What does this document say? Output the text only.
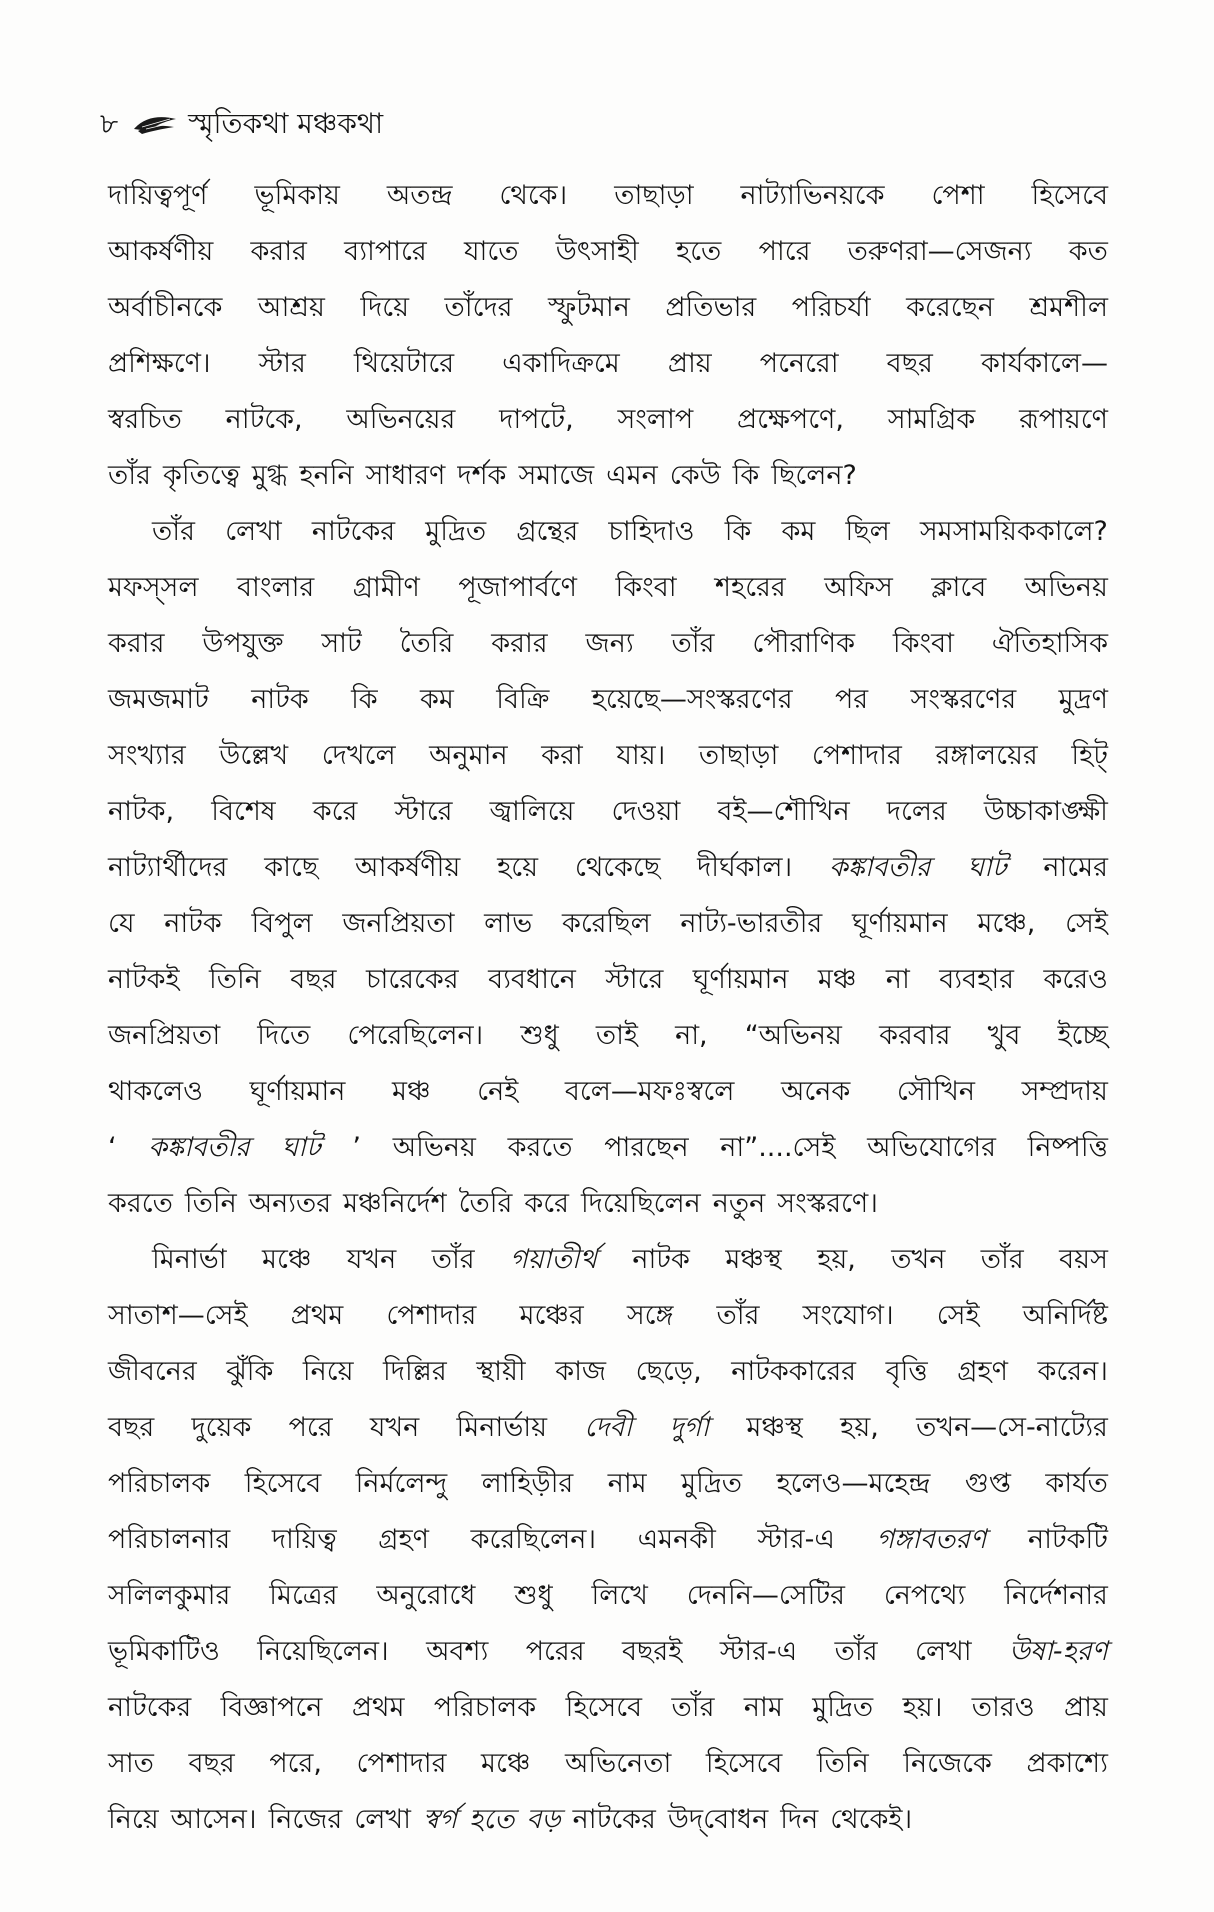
৮	স্মৃতিকথা মঞ্চকথা
দায়িত্বপূর্ণ ভূমিকায় অতন্দ্র থেকে। তাছাড়া নাট্যাভিনয়কে পেশা হিসেবে
আকর্ষণীয় করার ব্যাপারে যাতে উৎসাহী হতে পারে তরুণরা—সেজন্য কত
অর্বাচীনকে আশ্রয় দিয়ে তাঁদের স্ফুটমান প্রতিভার পরিচর্যা করেছেন শ্রমশীল
প্রশিক্ষণে। স্টার থিয়েটারে একাদিক্রমে প্রায় পনেরো বছর কার্যকালে—
স্বরচিত নাটকে, অভিনয়ের দাপটে, সংলাপ প্রক্ষেপণে, সামগ্রিক রূপায়ণে
তাঁর কৃতিত্বে মুগ্ধ হননি সাধারণ দর্শক সমাজে এমন কেউ কি ছিলেন?
তাঁর লেখা নাটকের মুদ্রিত গ্রন্থের চাহিদাও কি কম ছিল সমসাময়িককালে?
মফস্সল বাংলার গ্রামীণ পূজাপার্বণে কিংবা শহরের অফিস ক্লাবে অভিনয়
করার উপযুক্ত সাট তৈরি করার জন্য তাঁর পৌরাণিক কিংবা ঐতিহাসিক
জমজমাট নাটক কি কম বিক্রি হয়েছে—সংস্করণের পর সংস্করণের মুদ্রণ
সংখ্যার উল্লেখ দেখলে অনুমান করা যায়। তাছাড়া পেশাদার রঙ্গালয়ের হিট্
নাটক, বিশেষ করে স্টারে জ্বালিয়ে দেওয়া বই—শৌখিন দলের উচ্চাকাঙ্ক্ষী
নাট্যার্থীদের কাছে আকর্ষণীয় হয়ে থেকেছে দীর্ঘকাল। কঙ্কাবতীর ঘাট নামের
যে নাটক বিপুল জনপ্রিয়তা লাভ করেছিল নাট্য-ভারতীর ঘূর্ণায়মান মঞ্চে, সেই
নাটকই তিনি বছর চারেকের ব্যবধানে স্টারে ঘূর্ণায়মান মঞ্চ না ব্যবহার করেও
জনপ্রিয়তা দিতে পেরেছিলেন। শুধু তাই না, “অভিনয় করবার খুব ইচ্ছে
থাকলেও ঘূর্ণায়মান মঞ্চ নেই বলে—মফঃস্বলে অনেক সৌখিন সম্প্রদায়
‘ কঙ্কাবতীর ঘাট ’ অভিনয় করতে পারছেন না”....সেই অভিযোগের নিষ্পত্তি
করতে তিনি অন্যতর মঞ্চনির্দেশ তৈরি করে দিয়েছিলেন নতুন সংস্করণে।
মিনার্ভা মঞ্চে যখন তাঁর গয়াতীর্থ নাটক মঞ্চস্থ হয়, তখন তাঁর বয়স
সাতাশ—সেই প্রথম পেশাদার মঞ্চের সঙ্গে তাঁর সংযোগ। সেই অনির্দিষ্ট
জীবনের ঝুঁকি নিয়ে দিল্লির স্থায়ী কাজ ছেড়ে, নাটককারের বৃত্তি গ্রহণ করেন।
বছর দুয়েক পরে যখন মিনার্ভায় দেবী দুর্গা মঞ্চস্থ হয়, তখন—সে-নাট্যের
পরিচালক হিসেবে নির্মলেন্দু লাহিড়ীর নাম মুদ্রিত হলেও—মহেন্দ্র গুপ্ত কার্যত
পরিচালনার দায়িত্ব গ্রহণ করেছিলেন। এমনকী স্টার-এ গঙ্গাবতরণ নাটকটি
সলিলকুমার মিত্রের অনুরোধে শুধু লিখে দেননি—সেটির নেপথ্যে নির্দেশনার
ভূমিকাটিও নিয়েছিলেন। অবশ্য পরের বছরই স্টার-এ তাঁর লেখা উষা-হরণ
নাটকের বিজ্ঞাপনে প্রথম পরিচালক হিসেবে তাঁর নাম মুদ্রিত হয়। তারও প্রায়
সাত বছর পরে, পেশাদার মঞ্চে অভিনেতা হিসেবে তিনি নিজেকে প্রকাশ্যে
নিয়ে আসেন। নিজের লেখা স্বর্গ হতে বড় নাটকের উদ্‌বোধন দিন থেকেই।
